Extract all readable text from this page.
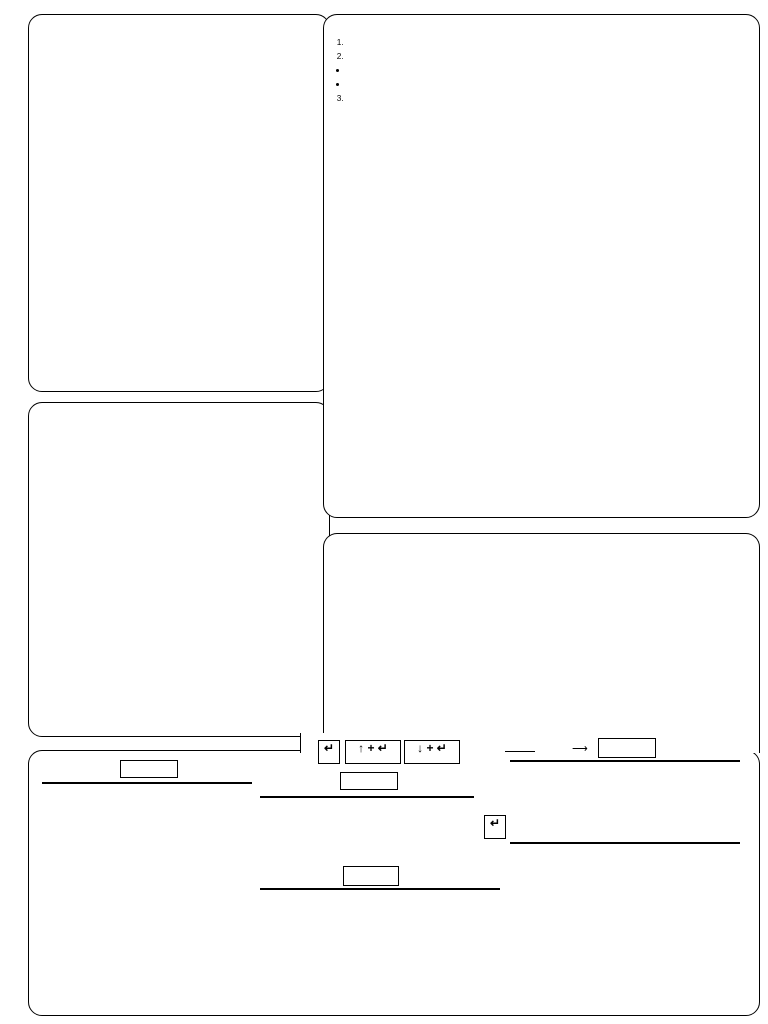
1.
2.
•
•
3.
↵	↑ + ↵	↓ + ↵	⟶
↵
